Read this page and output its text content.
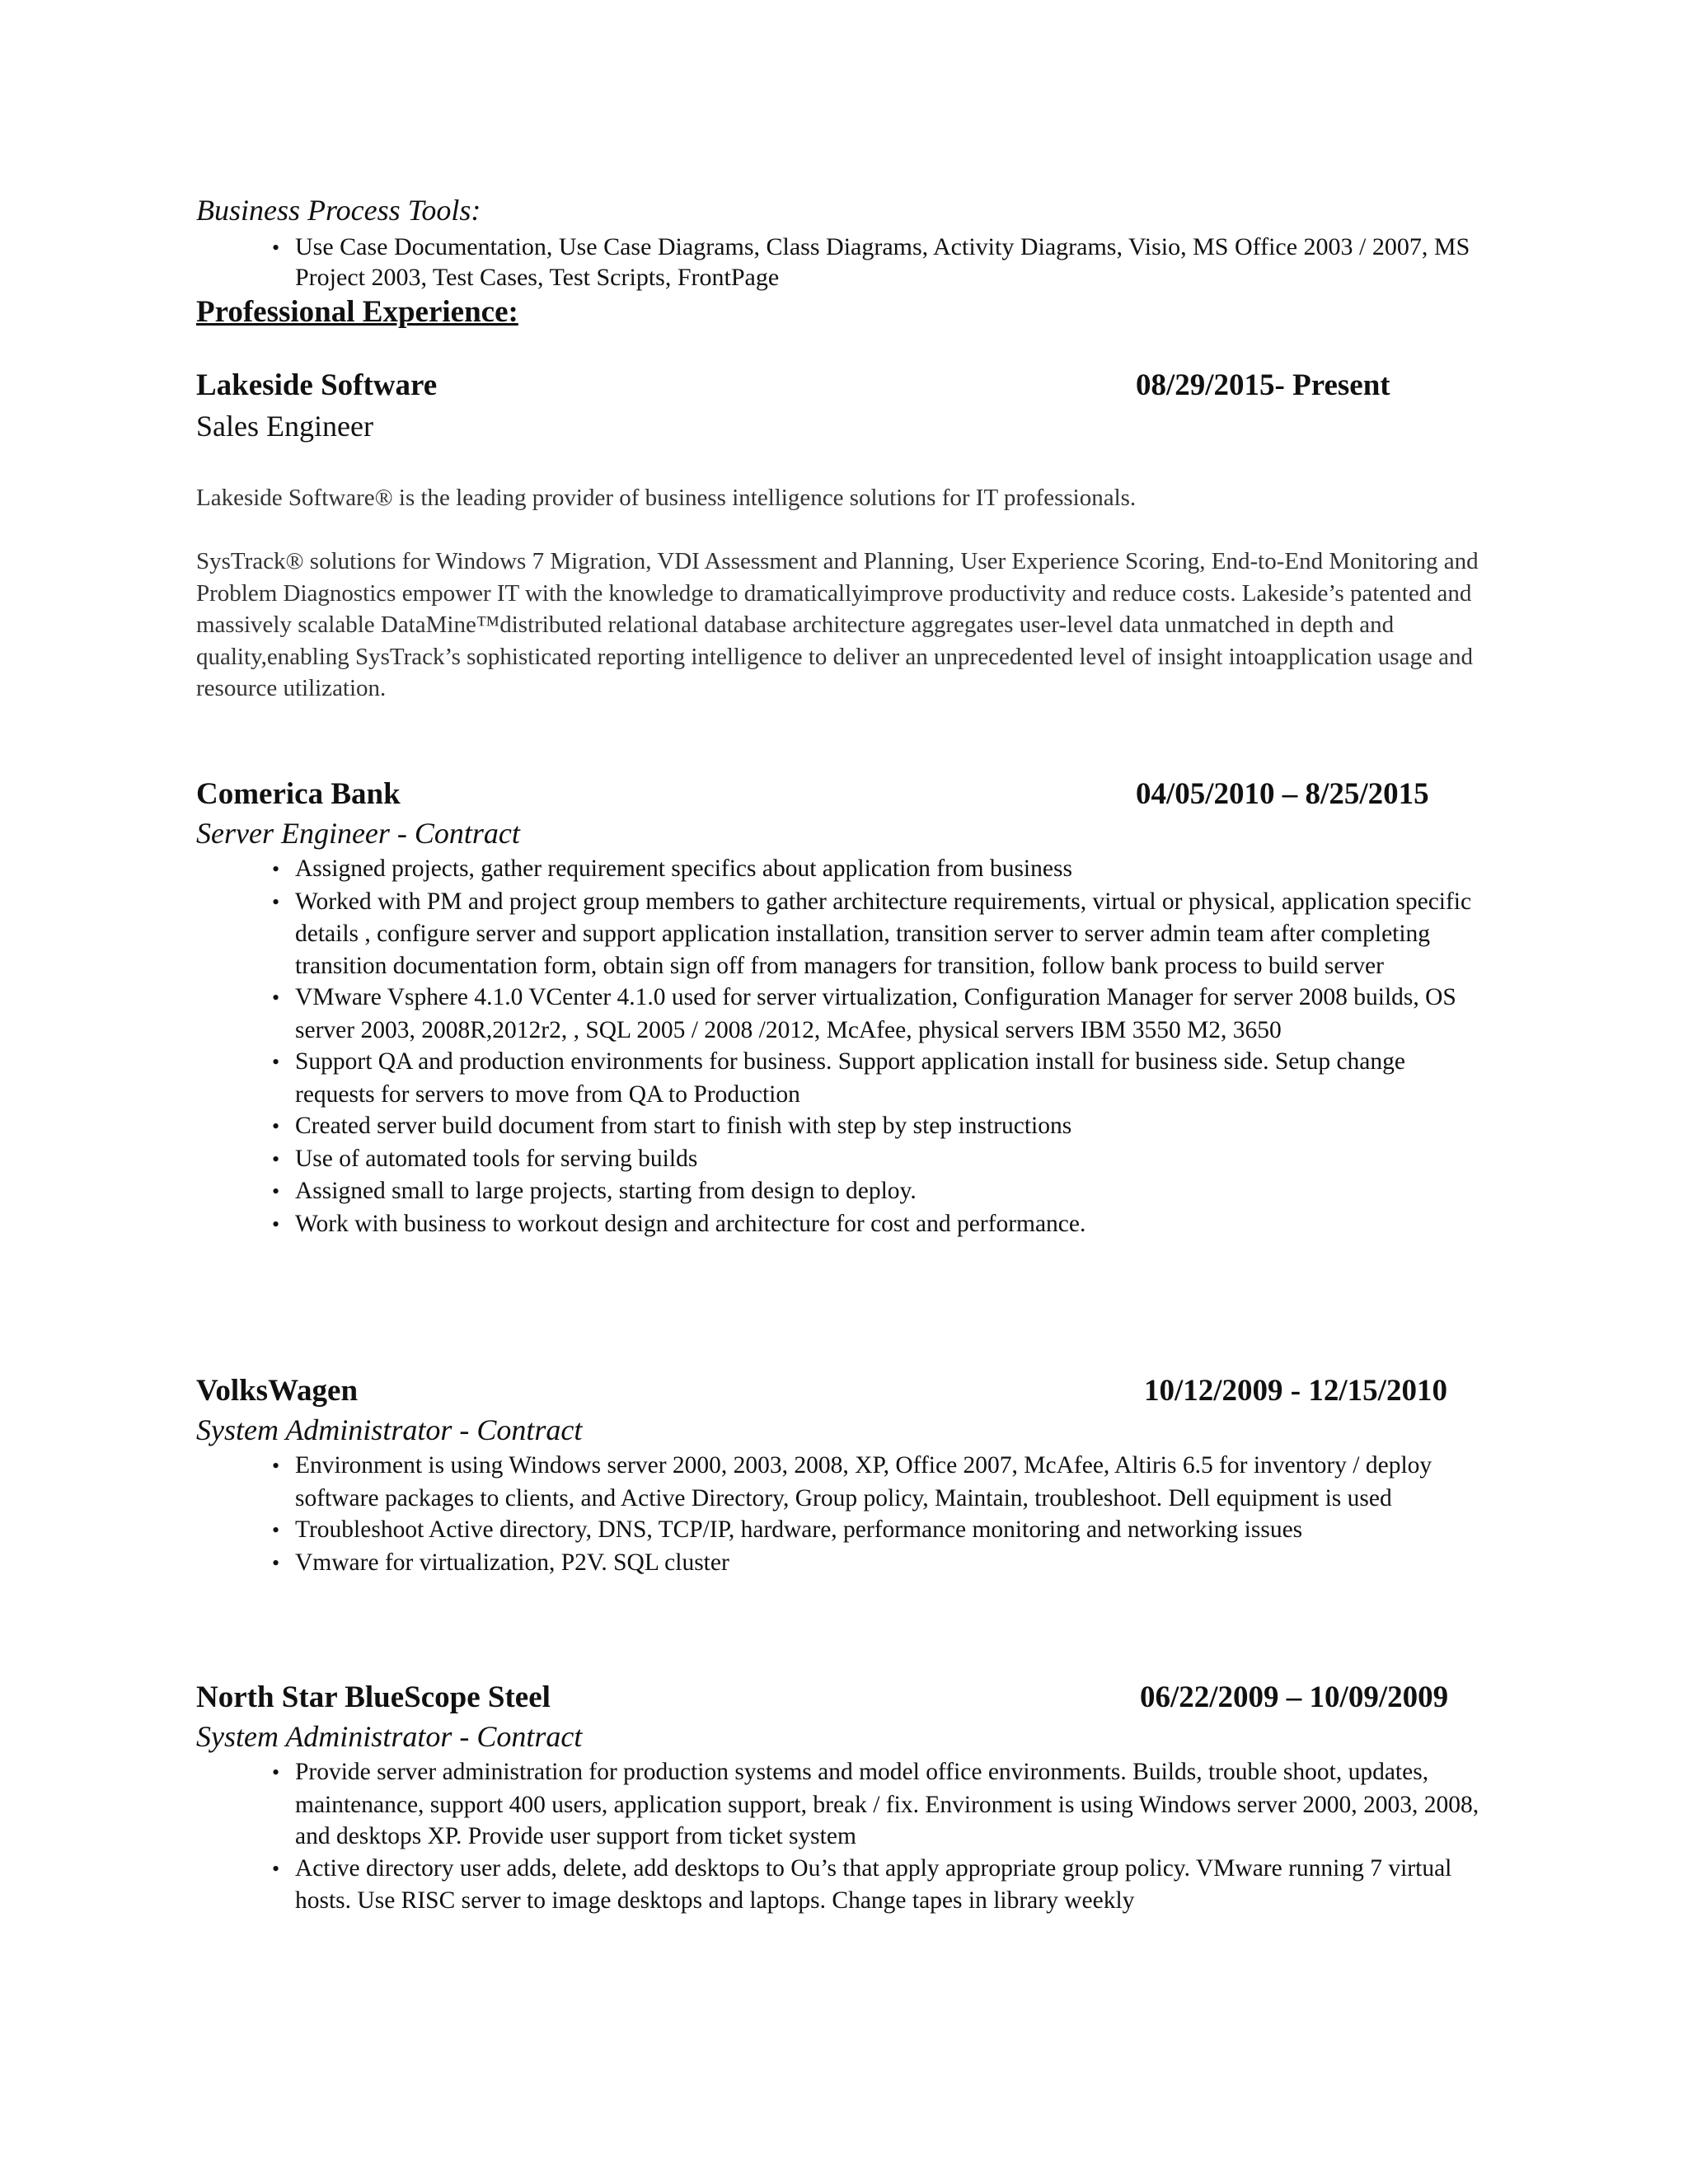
Business Process Tools:
• Use Case Documentation, Use Case Diagrams, Class Diagrams, Activity Diagrams, Visio, MS Office 2003 / 2007, MS Project 2003, Test Cases, Test Scripts, FrontPage
Professional Experience:
Lakeside Software	08/29/2015- Present
Sales Engineer
Lakeside Software® is the leading provider of business intelligence solutions for IT professionals.
SysTrack® solutions for Windows 7 Migration, VDI Assessment and Planning, User Experience Scoring, End-to-End Monitoring and Problem Diagnostics empower IT with the knowledge to dramaticallyimprove productivity and reduce costs. Lakeside’s patented and massively scalable DataMine™distributed relational database architecture aggregates user-level data unmatched in depth and quality,enabling SysTrack’s sophisticated reporting intelligence to deliver an unprecedented level of insight intoapplication usage and resource utilization.
Comerica Bank	04/05/2010 – 8/25/2015
Server Engineer - Contract
• Assigned projects, gather requirement specifics about application from business
• Worked with PM and project group members to gather architecture requirements, virtual or physical, application specific details , configure server and support application installation, transition server to server admin team after completing transition documentation form, obtain sign off from managers for transition, follow bank process to build server
• VMware Vsphere 4.1.0 VCenter 4.1.0 used for server virtualization, Configuration Manager for server 2008 builds, OS server 2003, 2008R,2012r2, , SQL 2005 / 2008 /2012, McAfee, physical servers IBM 3550 M2, 3650
• Support QA and production environments for business. Support application install for business side. Setup change requests for servers to move from QA to Production
• Created server build document from start to finish with step by step instructions
• Use of automated tools for serving builds
• Assigned small to large projects, starting from design to deploy.
• Work with business to workout design and architecture for cost and performance.
VolksWagen	10/12/2009 - 12/15/2010
System Administrator - Contract
• Environment is using Windows server 2000, 2003, 2008, XP, Office 2007, McAfee, Altiris 6.5 for inventory / deploy software packages to clients, and Active Directory, Group policy, Maintain, troubleshoot. Dell equipment is used
• Troubleshoot Active directory, DNS, TCP/IP, hardware, performance monitoring and networking issues
• Vmware for virtualization, P2V. SQL cluster
North Star BlueScope Steel	06/22/2009 – 10/09/2009
System Administrator - Contract
• Provide server administration for production systems and model office environments. Builds, trouble shoot, updates, maintenance, support 400 users, application support, break / fix. Environment is using Windows server 2000, 2003, 2008, and desktops XP. Provide user support from ticket system
• Active directory user adds, delete, add desktops to Ou’s that apply appropriate group policy. VMware running 7 virtual hosts. Use RISC server to image desktops and laptops. Change tapes in library weekly
